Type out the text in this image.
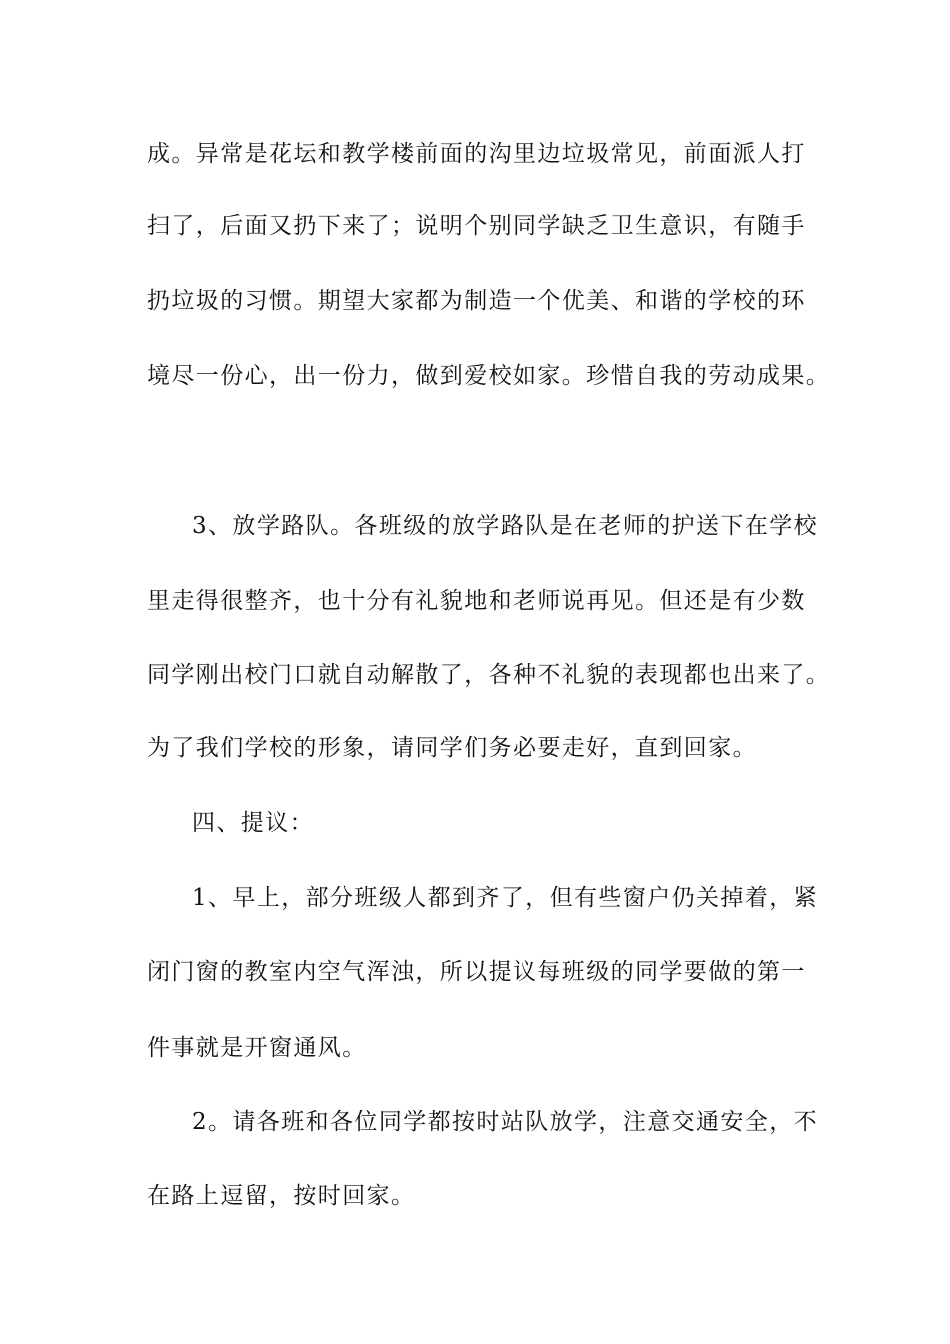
成。异常是花坛和教学楼前面的沟里边垃圾常见，前面派人打
扫了，后面又扔下来了；说明个别同学缺乏卫生意识，有随手
扔垃圾的习惯。期望大家都为制造一个优美、和谐的学校的环
境尽一份心，出一份力，做到爱校如家。珍惜自我的劳动成果。
3、放学路队。各班级的放学路队是在老师的护送下在学校
里走得很整齐，也十分有礼貌地和老师说再见。但还是有少数
同学刚出校门口就自动解散了，各种不礼貌的表现都也出来了。
为了我们学校的形象，请同学们务必要走好，直到回家。
四、提议：
1、早上，部分班级人都到齐了，但有些窗户仍关掉着，紧
闭门窗的教室内空气浑浊，所以提议每班级的同学要做的第一
件事就是开窗通风。
2。请各班和各位同学都按时站队放学，注意交通安全，不
在路上逗留，按时回家。
